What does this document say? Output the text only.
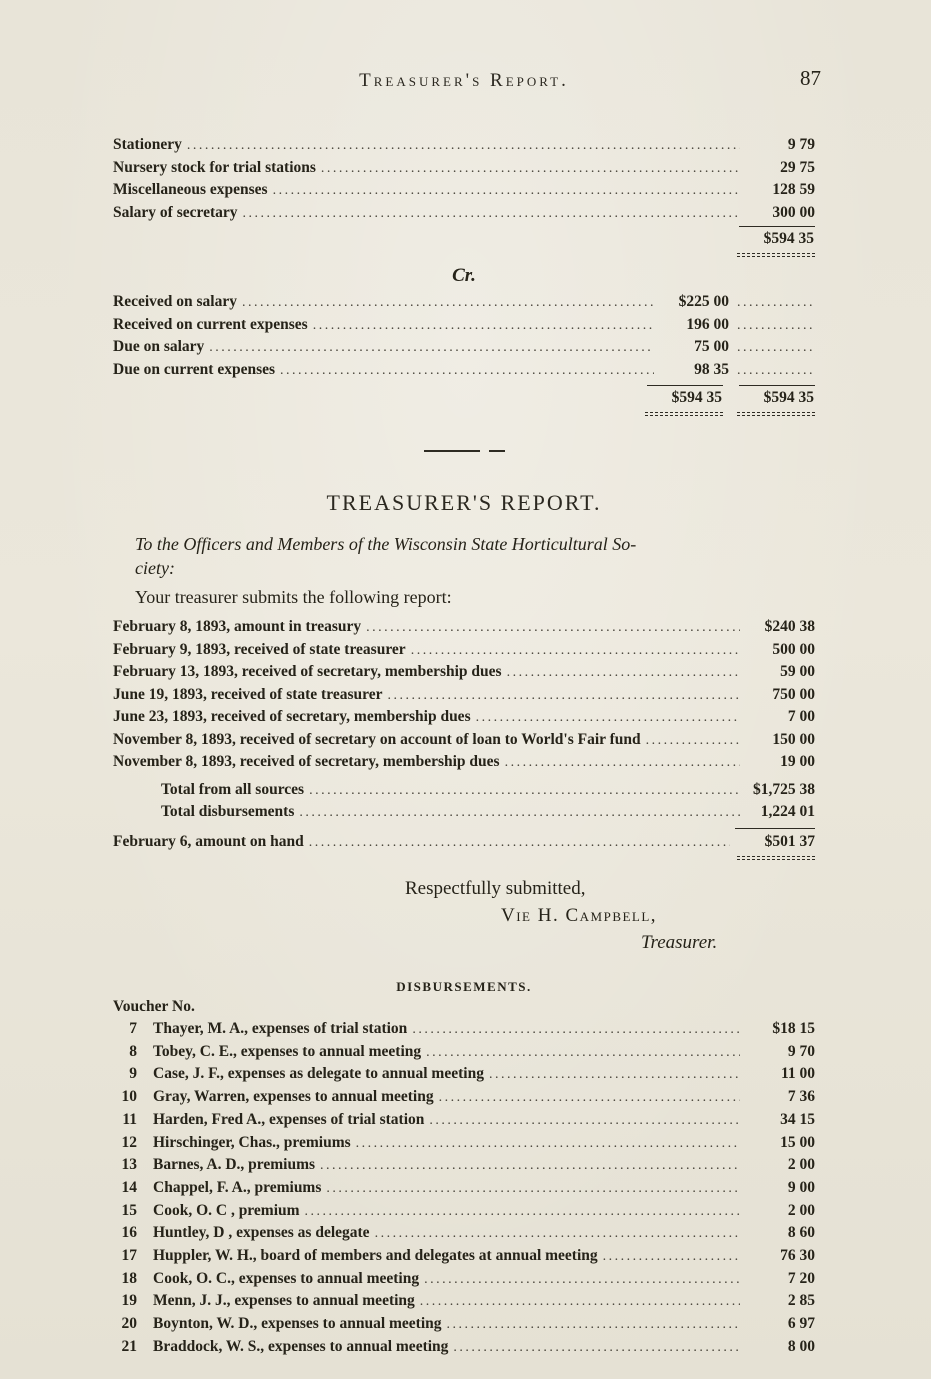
Treasurer's Report.	87
Stationery .....	9 79
Nursery stock for trial stations .....	29 75
Miscellaneous expenses .....	128 59
Salary of secretary .....	300 00
$594 35
Cr.
Received on salary .....	$225 00
.....
Received on current expenses .....	196 00
.....
Due on salary .....	75 00
.....
Due on current expenses .....	98 35
.....
$594 35	$594 35
TREASURER'S REPORT.
To the Officers and Members of the Wisconsin State Horticultural So-
ciety:
Your treasurer submits the following report:
February 8, 1893, amount in treasury .....	$240 38
February 9, 1893, received of state treasurer .....	500 00
February 13, 1893, received of secretary, membership dues .....	59 00
June 19, 1893, received of state treasurer .....	750 00
June 23, 1893, received of secretary, membership dues .....	7 00
November 8, 1893, received of secretary on account of loan to World's Fair fund .....	150 00
November 8, 1893, received of secretary, membership dues .....	19 00
Total from all sources .....	$1,725 38
Total disbursements .....	1,224 01
February 6, amount on hand .....	$501 37
Respectfully submitted,
Vie H. Campbell,
Treasurer.
DISBURSEMENTS.
Voucher No.
7 Thayer, M. A., expenses of trial station .....	$18 15
8 Tobey, C. E., expenses to annual meeting .....	9 70
9 Case, J. F., expenses as delegate to annual meeting .....	11 00
10 Gray, Warren, expenses to annual meeting .....	7 36
11 Harden, Fred A., expenses of trial station .....	34 15
12 Hirschinger, Chas., premiums .....	15 00
13 Barnes, A. D., premiums .....	2 00
14 Chappel, F. A., premiums .....	9 00
15 Cook, O. C , premium .....	2 00
16 Huntley, D , expenses as delegate .....	8 60
17 Huppler, W. H., board of members and delegates at annual meeting .....	76 30
18 Cook, O. C., expenses to annual meeting .....	7 20
19 Menn, J. J., expenses to annual meeting .....	2 85
20 Boynton, W. D., expenses to annual meeting .....	6 97
21 Braddock, W. S., expenses to annual meeting .....	8 00
